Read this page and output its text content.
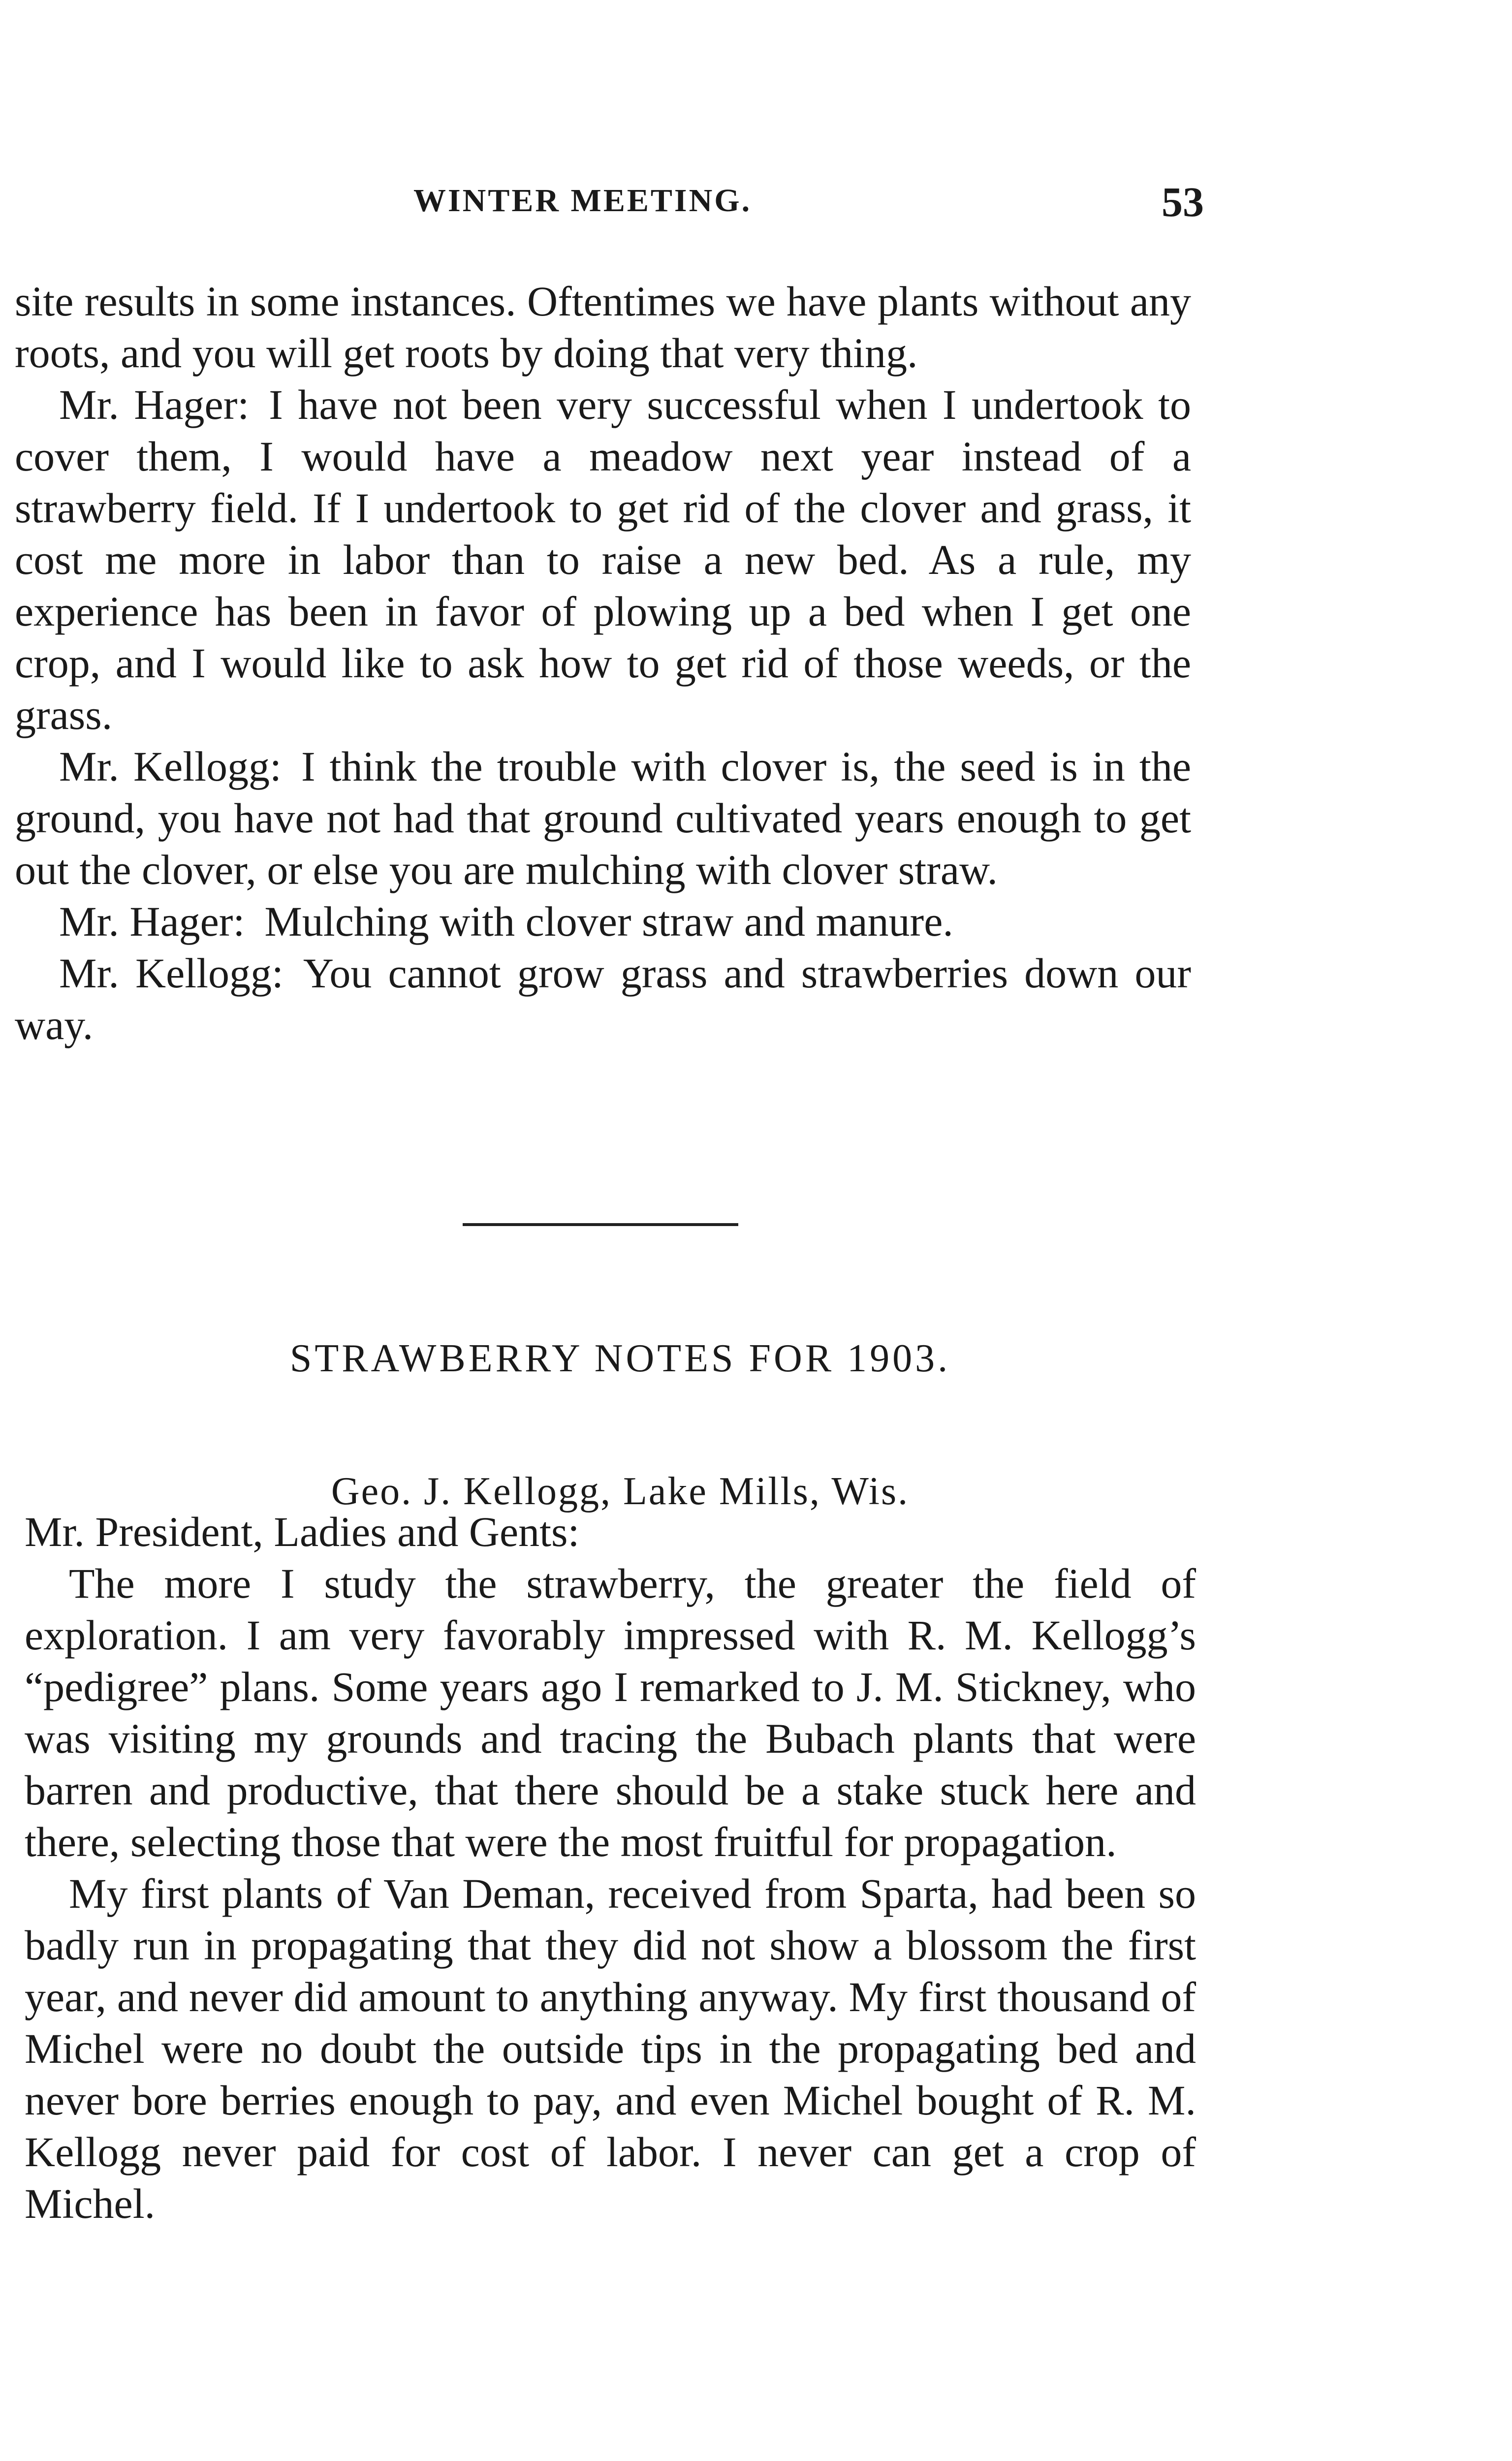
WINTER MEETING.	53

site results in some instances. Oftentimes we have plants without any roots, and you will get roots by doing that very thing.

Mr. Hager: I have not been very successful when I undertook to cover them, I would have a meadow next year instead of a strawberry field. If I undertook to get rid of the clover and grass, it cost me more in labor than to raise a new bed. As a rule, my experience has been in favor of plowing up a bed when I get one crop, and I would like to ask how to get rid of those weeds, or the grass.

Mr. Kellogg: I think the trouble with clover is, the seed is in the ground, you have not had that ground cultivated years enough to get out the clover, or else you are mulching with clover straw.

Mr. Hager: Mulching with clover straw and manure.

Mr. Kellogg: You cannot grow grass and strawberries down our way.

STRAWBERRY NOTES FOR 1903.
Geo. J. Kellogg, Lake Mills, Wis.

Mr. President, Ladies and Gents:

The more I study the strawberry, the greater the field of exploration. I am very favorably impressed with R. M. Kellogg’s “pedigree” plans. Some years ago I remarked to J. M. Stickney, who was visiting my grounds and tracing the Bubach plants that were barren and productive, that there should be a stake stuck here and there, selecting those that were the most fruitful for propagation.

My first plants of Van Deman, received from Sparta, had been so badly run in propagating that they did not show a blossom the first year, and never did amount to anything anyway. My first thousand of Michel were no doubt the outside tips in the propagating bed and never bore berries enough to pay, and even Michel bought of R. M. Kellogg never paid for cost of labor. I never can get a crop of Michel.
